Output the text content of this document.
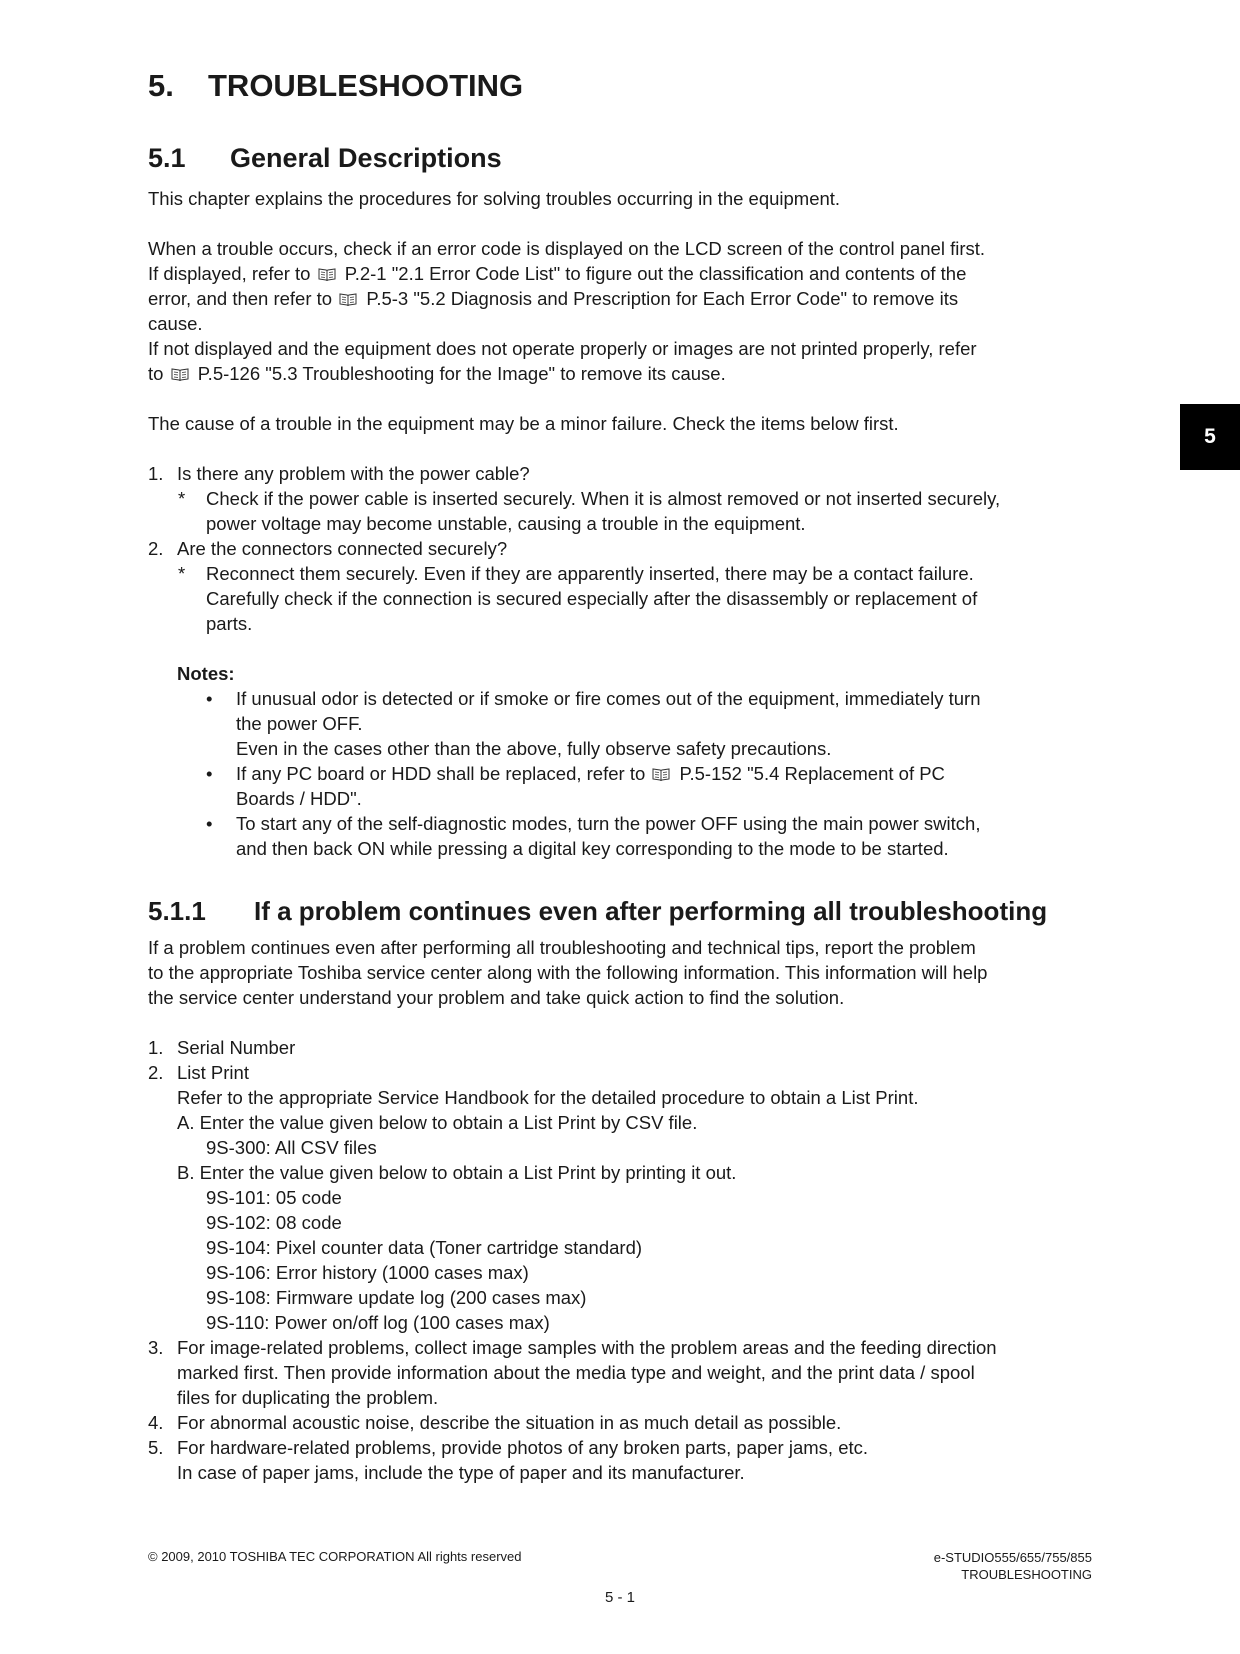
5. TROUBLESHOOTING
5.1 General Descriptions
This chapter explains the procedures for solving troubles occurring in the equipment.
When a trouble occurs, check if an error code is displayed on the LCD screen of the control panel first.
If displayed, refer to P.2-1 "2.1 Error Code List" to figure out the classification and contents of the
error, and then refer to P.5-3 "5.2 Diagnosis and Prescription for Each Error Code" to remove its
cause.
If not displayed and the equipment does not operate properly or images are not printed properly, refer
to P.5-126 "5.3 Troubleshooting for the Image" to remove its cause.
The cause of a trouble in the equipment may be a minor failure. Check the items below first.
1. Is there any problem with the power cable?
* Check if the power cable is inserted securely. When it is almost removed or not inserted securely,
power voltage may become unstable, causing a trouble in the equipment.
2. Are the connectors connected securely?
* Reconnect them securely. Even if they are apparently inserted, there may be a contact failure.
Carefully check if the connection is secured especially after the disassembly or replacement of
parts.
Notes:
• If unusual odor is detected or if smoke or fire comes out of the equipment, immediately turn
the power OFF.
Even in the cases other than the above, fully observe safety precautions.
• If any PC board or HDD shall be replaced, refer to P.5-152 "5.4 Replacement of PC
Boards / HDD".
• To start any of the self-diagnostic modes, turn the power OFF using the main power switch,
and then back ON while pressing a digital key corresponding to the mode to be started.
5.1.1 If a problem continues even after performing all troubleshooting
If a problem continues even after performing all troubleshooting and technical tips, report the problem
to the appropriate Toshiba service center along with the following information. This information will help
the service center understand your problem and take quick action to find the solution.
1. Serial Number
2. List Print
Refer to the appropriate Service Handbook for the detailed procedure to obtain a List Print.
A. Enter the value given below to obtain a List Print by CSV file.
9S-300: All CSV files
B. Enter the value given below to obtain a List Print by printing it out.
9S-101: 05 code
9S-102: 08 code
9S-104: Pixel counter data (Toner cartridge standard)
9S-106: Error history (1000 cases max)
9S-108: Firmware update log (200 cases max)
9S-110: Power on/off log (100 cases max)
3. For image-related problems, collect image samples with the problem areas and the feeding direction
marked first. Then provide information about the media type and weight, and the print data / spool
files for duplicating the problem.
4. For abnormal acoustic noise, describe the situation in as much detail as possible.
5. For hardware-related problems, provide photos of any broken parts, paper jams, etc.
In case of paper jams, include the type of paper and its manufacturer.
5
© 2009, 2010 TOSHIBA TEC CORPORATION All rights reserved	e-STUDIO555/655/755/855
TROUBLESHOOTING
5 - 1
